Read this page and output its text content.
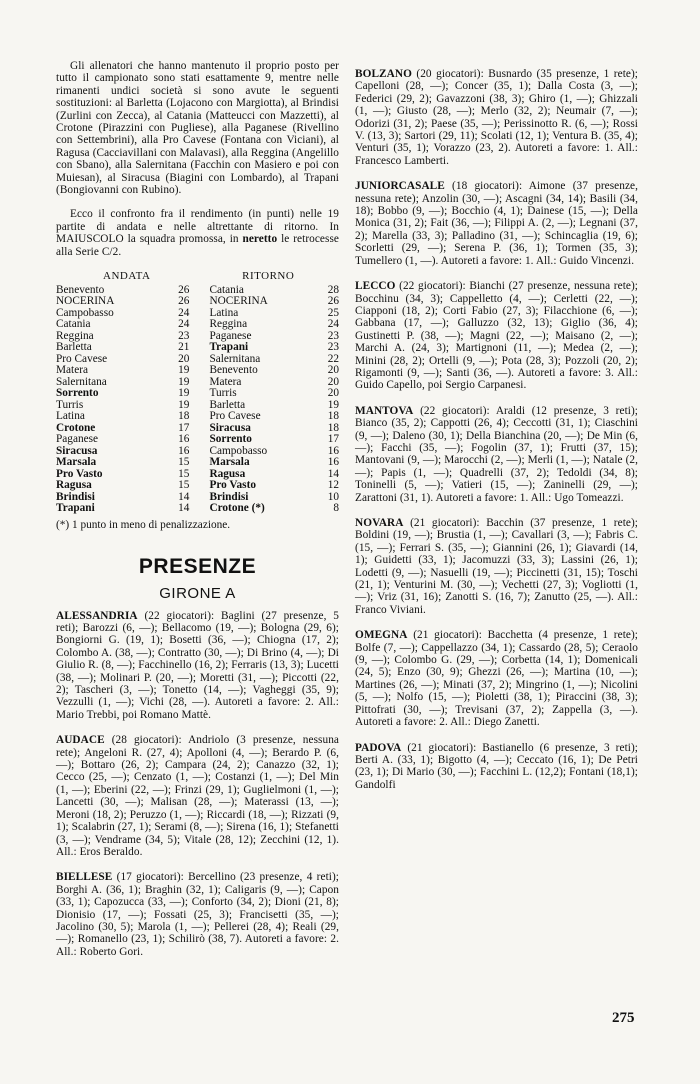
Gli allenatori che hanno mantenuto il proprio posto per tutto il campionato sono stati esattamente 9, mentre nelle rimanenti undici società si sono avute le seguenti sostituzioni: al Barletta (Lojacono con Margiotta), al Brindisi (Zurlini con Zecca), al Catania (Matteucci con Mazzetti), al Crotone (Pirazzini con Pugliese), alla Paganese (Rivellino con Settembrini), alla Pro Cavese (Fontana con Viciani), al Ragusa (Cacciavillani con Malavasi), alla Reggina (Angelillo con Sbano), alla Salernitana (Facchin con Masiero e poi con Muiesan), al Siracusa (Biagini con Lombardo), al Trapani (Bongiovanni con Rubino).

Ecco il confronto fra il rendimento (in punti) nelle 19 partite di andata e nelle altrettante di ritorno. In MAIUSCOLO la squadra promossa, in neretto le retrocesse alla Serie C/2.

ANDATA		RITORNO	
Benevento	26	Catania	28
NOCERINA	26	NOCERINA	26
Campobasso	24	Latina	25
Catania	24	Reggina	24
Reggina	23	Paganese	23
Barletta	21	Trapani	23
Pro Cavese	20	Salernitana	22
Matera	19	Benevento	20
Salernitana	19	Matera	20
Sorrento	19	Turris	20
Turris	19	Barletta	19
Latina	18	Pro Cavese	18
Crotone	17	Siracusa	18
Paganese	16	Sorrento	17
Siracusa	16	Campobasso	16
Marsala	15	Marsala	16
Pro Vasto	15	Ragusa	14
Ragusa	15	Pro Vasto	12
Brindisi	14	Brindisi	10
Trapani	14	Crotone (*)	8
(*) 1 punto in meno di penalizzazione.
PRESENZE
GIRONE A

ALESSANDRIA (22 giocatori): Baglini (27 presenze, 5 reti); Barozzi (6, —); Bellacomo (19, —); Bologna (29, 6); Bongiorni G. (19, 1); Bosetti (36, —); Chiogna (17, 2); Colombo A. (38, —); Contratto (30, —); Di Brino (4, —); Di Giulio R. (8, —); Facchinello (16, 2); Ferraris (13, 3); Lucetti (38, —); Molinari P. (20, —); Moretti (31, —); Piccotti (22, 2); Tascheri (3, —); Tonetto (14, —); Vagheggi (35, 9); Vezzulli (1, —); Vichi (28, —). Autoreti a favore: 2. All.: Mario Trebbi, poi Romano Mattè.

AUDACE (28 giocatori): Andriolo (3 presenze, nessuna rete); Angeloni R. (27, 4); Apolloni (4, —); Berardo P. (6, —); Bottaro (26, 2); Campara (24, 2); Canazzo (32, 1); Cecco (25, —); Cenzato (1, —); Costanzi (1, —); Del Min (1, —); Eberini (22, —); Frinzi (29, 1); Guglielmoni (1, —); Lancetti (30, —); Malisan (28, —); Materassi (13, —); Meroni (18, 2); Peruzzo (1, —); Riccardi (18, —); Rizzati (9, 1); Scalabrin (27, 1); Serami (8, —); Sirena (16, 1); Stefanetti (3, —); Vendrame (34, 5); Vitale (28, 12); Zecchini (12, 1). All.: Eros Beraldo.

BIELLESE (17 giocatori): Bercellino (23 presenze, 4 reti); Borghi A. (36, 1); Braghin (32, 1); Caligaris (9, —); Capon (33, 1); Capozucca (33, —); Conforto (34, 2); Dioni (21, 8); Dionisio (17, —); Fossati (25, 3); Francisetti (35, —); Jacolino (30, 5); Marola (1, —); Pellerei (28, 4); Reali (29, —); Romanello (23, 1); Schilirò (38, 7). Autoreti a favore: 2. All.: Roberto Gori.

BOLZANO (20 giocatori): Busnardo (35 presenze, 1 rete); Capelloni (28, —); Concer (35, 1); Dalla Costa (3, —); Federici (29, 2); Gavazzoni (38, 3); Ghiro (1, —); Ghizzali (1, —); Giusto (28, —); Merlo (32, 2); Neumair (7, —); Odorizi (31, 2); Paese (35, —); Perissinotto R. (6, —); Rossi V. (13, 3); Sartori (29, 11); Scolati (12, 1); Ventura B. (35, 4); Venturi (35, 1); Vorazzo (23, 2). Autoreti a favore: 1. All.: Francesco Lamberti.

JUNIORCASALE (18 giocatori): Aimone (37 presenze, nessuna rete); Anzolin (30, —); Ascagni (34, 14); Basili (34, 18); Bobbo (9, —); Bocchio (4, 1); Dainese (15, —); Della Monica (31, 2); Fait (36, —); Filippi A. (2, —); Legnani (37, 2); Marella (33, 3); Palladino (31, —); Schincaglia (19, 6); Scorletti (29, —); Serena P. (36, 1); Tormen (35, 3); Tumellero (1, —). Autoreti a favore: 1. All.: Guido Vincenzi.

LECCO (22 giocatori): Bianchi (27 presenze, nessuna rete); Bocchinu (34, 3); Cappelletto (4, —); Cerletti (22, —); Ciapponi (18, 2); Corti Fabio (27, 3); Filacchione (6, —); Gabbana (17, —); Galluzzo (32, 13); Giglio (36, 4); Gustinetti P. (38, —); Magni (22, —); Maisano (2, —); Marchi A. (24, 3); Martignoni (11, —); Medea (2, —); Minini (28, 2); Ortelli (9, —); Pota (28, 3); Pozzoli (20, 2); Rigamonti (9, —); Santi (36, —). Autoreti a favore: 3. All.: Guido Capello, poi Sergio Carpanesi.

MANTOVA (22 giocatori): Araldi (12 presenze, 3 reti); Bianco (35, 2); Cappotti (26, 4); Ceccotti (31, 1); Ciaschini (9, —); Daleno (30, 1); Della Bianchina (20, —); De Min (6, —); Facchi (35, —); Fogolin (37, 1); Frutti (37, 15); Mantovani (9, —); Marocchi (2, —); Merli (1, —); Natale (2, —); Papis (1, —); Quadrelli (37, 2); Tedoldi (34, 8); Toninelli (5, —); Vatieri (15, —); Zaninelli (29, —); Zarattoni (31, 1). Autoreti a favore: 1. All.: Ugo Tomeazzi.

NOVARA (21 giocatori): Bacchin (37 presenze, 1 rete); Boldini (19, —); Brustia (1, —); Cavallari (3, —); Fabris C. (15, —); Ferrari S. (35, —); Giannini (26, 1); Giavardi (14, 1); Guidetti (33, 1); Jacomuzzi (33, 3); Lassini (26, 1); Lodetti (9, —); Nasuelli (19, —); Piccinetti (31, 15); Toschi (21, 1); Venturini M. (30, —); Vechetti (27, 3); Vogliotti (1, —); Vriz (31, 16); Zanotti S. (16, 7); Zanutto (25, —). All.: Franco Viviani.

OMEGNA (21 giocatori): Bacchetta (4 presenze, 1 rete); Bolfe (7, —); Cappellazzo (34, 1); Cassardo (28, 5); Ceraolo (9, —); Colombo G. (29, —); Corbetta (14, 1); Domenicali (24, 5); Enzo (30, 9); Ghezzi (26, —); Martina (10, —); Martines (26, —); Minati (37, 2); Mingrino (1, —); Nicolini (5, —); Nolfo (15, —); Pioletti (38, 1); Piraccini (38, 3); Pittofrati (30, —); Trevisani (37, 2); Zappella (3, —). Autoreti a favore: 2. All.: Diego Zanetti.

PADOVA (21 giocatori): Bastianello (6 presenze, 3 reti); Berti A. (33, 1); Bigotto (4, —); Ceccato (16, 1); De Petri (23, 1); Di Mario (30, —); Facchini L. (12,2); Fontani (18,1); Gandolfi

275
